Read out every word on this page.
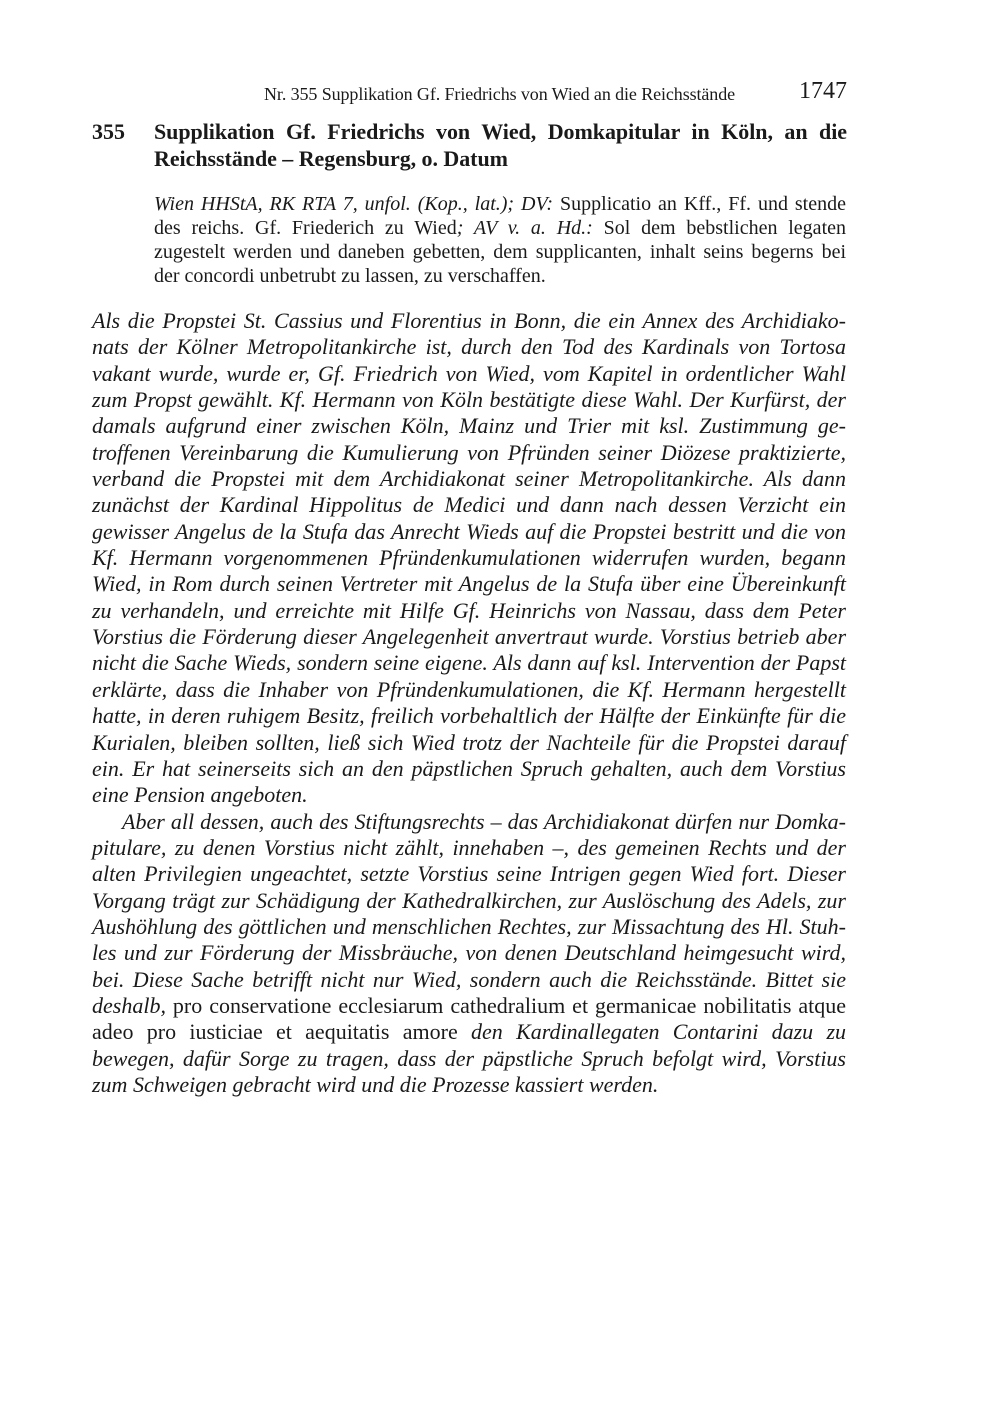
Nr. 355 Supplikation Gf. Friedrichs von Wied an die Reichsstände	1747
355 Supplikation Gf. Friedrichs von Wied, Domkapitular in Köln, an die Reichsstände – Regensburg, o. Datum
Wien HHStA, RK RTA 7, unfol. (Kop., lat.); DV: Supplicatio an Kff., Ff. und stende des reichs. Gf. Friederich zu Wied; AV v. a. Hd.: Sol dem bebstlichen legaten zugestelt werden und daneben gebetten, dem supplicanten, inhalt seins begerns bei der concordi unbetrubt zu lassen, zu verschaffen.

Als die Propstei St. Cassius und Florentius in Bonn, die ein Annex des Archidiakonats der Kölner Metropolitankirche ist, durch den Tod des Kardinals von Tortosa vakant wurde, wurde er, Gf. Friedrich von Wied, vom Kapitel in ordentlicher Wahl zum Propst gewählt. Kf. Hermann von Köln bestätigte diese Wahl. Der Kurfürst, der damals aufgrund einer zwischen Köln, Mainz und Trier mit ksl. Zustimmung getroffenen Vereinbarung die Kumulierung von Pfründen seiner Diözese praktizierte, verband die Propstei mit dem Archidiakonat seiner Metropolitankirche. Als dann zunächst der Kardinal Hippolitus de Medici und dann nach dessen Verzicht ein gewisser Angelus de la Stufa das Anrecht Wieds auf die Propstei bestritt und die von Kf. Hermann vorgenommenen Pfründenkumulationen widerrufen wurden, begann Wied, in Rom durch seinen Vertreter mit Angelus de la Stufa über eine Übereinkunft zu verhandeln, und erreichte mit Hilfe Gf. Heinrichs von Nassau, dass dem Peter Vorstius die Förderung dieser Angelegenheit anvertraut wurde. Vorstius betrieb aber nicht die Sache Wieds, sondern seine eigene. Als dann auf ksl. Intervention der Papst erklärte, dass die Inhaber von Pfründenkumulationen, die Kf. Hermann hergestellt hatte, in deren ruhigem Besitz, freilich vorbehaltlich der Hälfte der Einkünfte für die Kurialen, bleiben sollten, ließ sich Wied trotz der Nachteile für die Propstei darauf ein. Er hat seinerseits sich an den päpstlichen Spruch gehalten, auch dem Vorstius eine Pension angeboten.

Aber all dessen, auch des Stiftungsrechts – das Archidiakonat dürfen nur Domkapitulare, zu denen Vorstius nicht zählt, innehaben –, des gemeinen Rechts und der alten Privilegien ungeachtet, setzte Vorstius seine Intrigen gegen Wied fort. Dieser Vorgang trägt zur Schädigung der Kathedralkirchen, zur Auslöschung des Adels, zur Aushöhlung des göttlichen und menschlichen Rechtes, zur Missachtung des Hl. Stuhles und zur Förderung der Missbräuche, von denen Deutschland heimgesucht wird, bei. Diese Sache betrifft nicht nur Wied, sondern auch die Reichsstände. Bittet sie deshalb, pro conservatione ecclesiarum cathedralium et germanicae nobilitatis atque adeo pro iusticiae et aequitatis amore den Kardinallegaten Contarini dazu zu bewegen, dafür Sorge zu tragen, dass der päpstliche Spruch befolgt wird, Vorstius zum Schweigen gebracht wird und die Prozesse kassiert werden.
